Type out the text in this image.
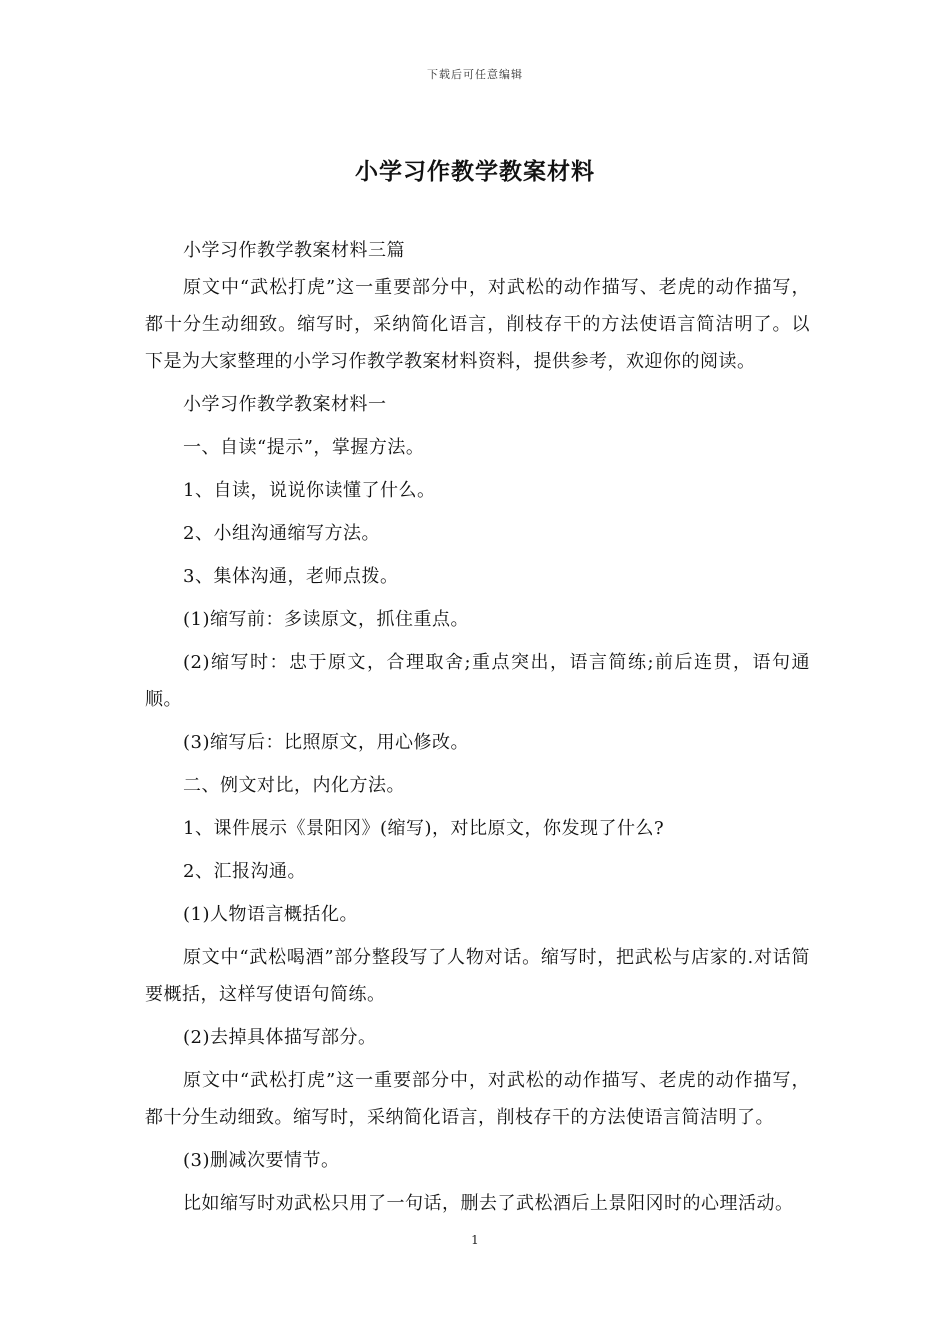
下载后可任意编辑
小学习作教学教案材料

小学习作教学教案材料三篇

原文中“武松打虎”这一重要部分中，对武松的动作描写、老虎的动作描写，都十分生动细致。缩写时，采纳简化语言，削枝存干的方法使语言简洁明了。以下是为大家整理的小学习作教学教案材料资料，提供参考，欢迎你的阅读。

小学习作教学教案材料一

一、自读“提示”，掌握方法。

1、自读，说说你读懂了什么。

2、小组沟通缩写方法。

3、集体沟通，老师点拨。

(1)缩写前：多读原文，抓住重点。

(2)缩写时：忠于原文，合理取舍;重点突出，语言简练;前后连贯，语句通顺。

(3)缩写后：比照原文，用心修改。

二、例文对比，内化方法。

1、课件展示《景阳冈》(缩写)，对比原文，你发现了什么?

2、汇报沟通。

(1)人物语言概括化。

原文中“武松喝酒”部分整段写了人物对话。缩写时，把武松与店家的.对话简要概括，这样写使语句简练。

(2)去掉具体描写部分。

原文中“武松打虎”这一重要部分中，对武松的动作描写、老虎的动作描写，都十分生动细致。缩写时，采纳简化语言，削枝存干的方法使语言简洁明了。

(3)删减次要情节。

比如缩写时劝武松只用了一句话，删去了武松酒后上景阳冈时的心理活动。

1
